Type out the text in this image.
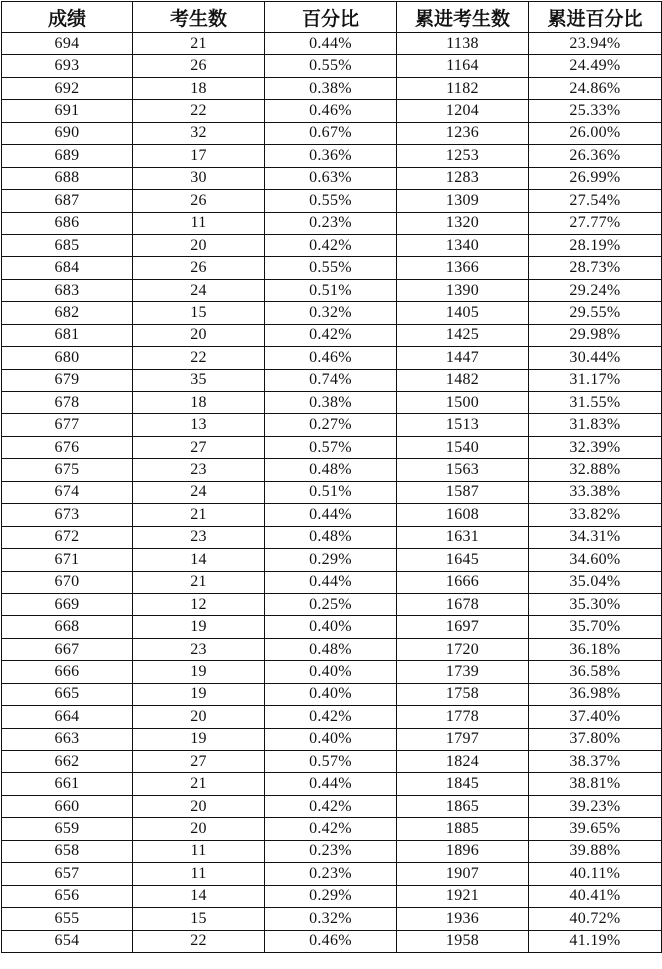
成绩	考生数	百分比	累进考生数	累进百分比
694	21	0.44%	1138	23.94%
693	26	0.55%	1164	24.49%
692	18	0.38%	1182	24.86%
691	22	0.46%	1204	25.33%
690	32	0.67%	1236	26.00%
689	17	0.36%	1253	26.36%
688	30	0.63%	1283	26.99%
687	26	0.55%	1309	27.54%
686	11	0.23%	1320	27.77%
685	20	0.42%	1340	28.19%
684	26	0.55%	1366	28.73%
683	24	0.51%	1390	29.24%
682	15	0.32%	1405	29.55%
681	20	0.42%	1425	29.98%
680	22	0.46%	1447	30.44%
679	35	0.74%	1482	31.17%
678	18	0.38%	1500	31.55%
677	13	0.27%	1513	31.83%
676	27	0.57%	1540	32.39%
675	23	0.48%	1563	32.88%
674	24	0.51%	1587	33.38%
673	21	0.44%	1608	33.82%
672	23	0.48%	1631	34.31%
671	14	0.29%	1645	34.60%
670	21	0.44%	1666	35.04%
669	12	0.25%	1678	35.30%
668	19	0.40%	1697	35.70%
667	23	0.48%	1720	36.18%
666	19	0.40%	1739	36.58%
665	19	0.40%	1758	36.98%
664	20	0.42%	1778	37.40%
663	19	0.40%	1797	37.80%
662	27	0.57%	1824	38.37%
661	21	0.44%	1845	38.81%
660	20	0.42%	1865	39.23%
659	20	0.42%	1885	39.65%
658	11	0.23%	1896	39.88%
657	11	0.23%	1907	40.11%
656	14	0.29%	1921	40.41%
655	15	0.32%	1936	40.72%
654	22	0.46%	1958	41.19%
